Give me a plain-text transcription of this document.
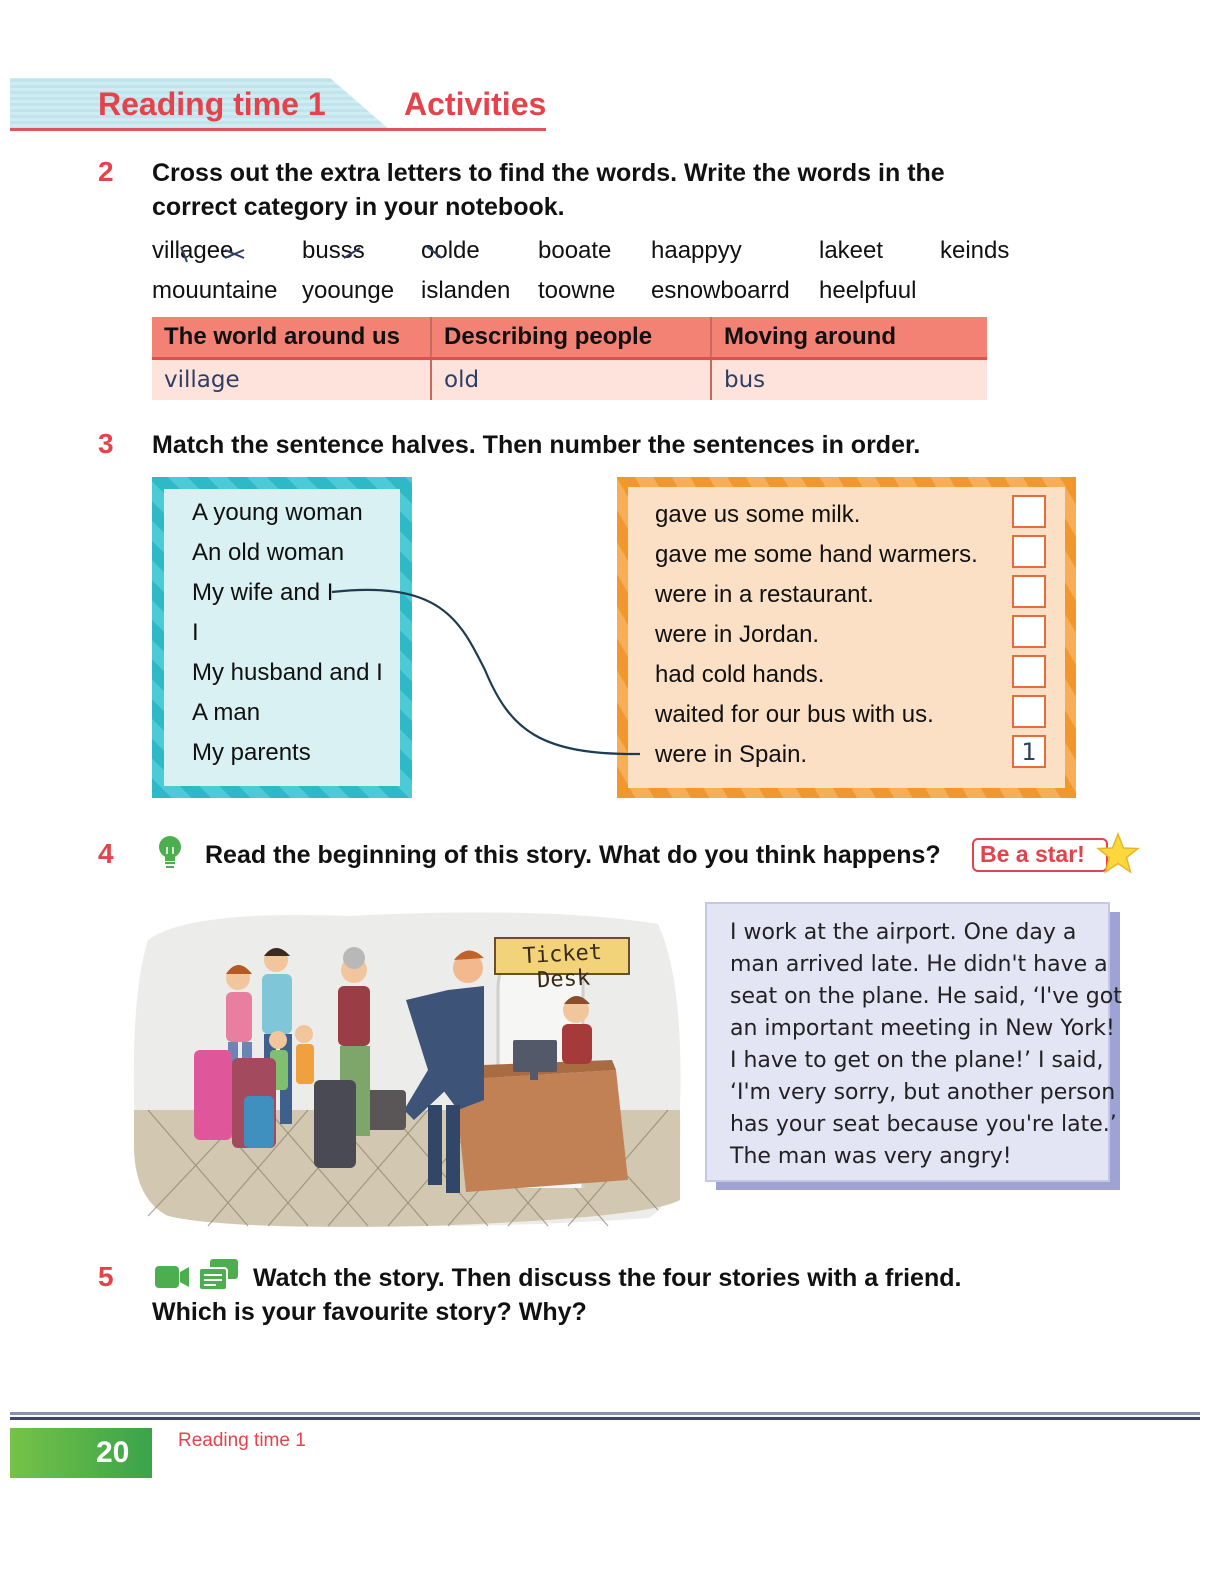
Reading time 1 Activities
2 Cross out the extra letters to find the words. Write the words in the
correct category in your notebook.
villagee	busss oolde booate haappyy	lakeet keinds
mouuntaine yoounge islanden toowne esnowboarrd heelpfuul
The world around us	Describing people	Moving around
village	old	bus
3 Match the sentence halves. Then number the sentences in order.
A young woman
An old woman
My wife and I
I
My husband and I
A man
My parents
gave us some milk.
gave me some hand warmers.
were in a restaurant.
were in Jordan.
had cold hands.
waited for our bus with us.
were in Spain.	1
4	Read the beginning of this story. What do you think happens? Be a star!
Ticket Desk
I work at the airport. One day a
man arrived late. He didn't have a
seat on the plane. He said, ‘I've got
an important meeting in New York!
I have to get on the plane!’ I said,
‘I'm very sorry, but another person
has your seat because you're late.’
The man was very angry!
5	Watch the story. Then discuss the four stories with a friend.
Which is your favourite story? Why?
20	Reading time 1
